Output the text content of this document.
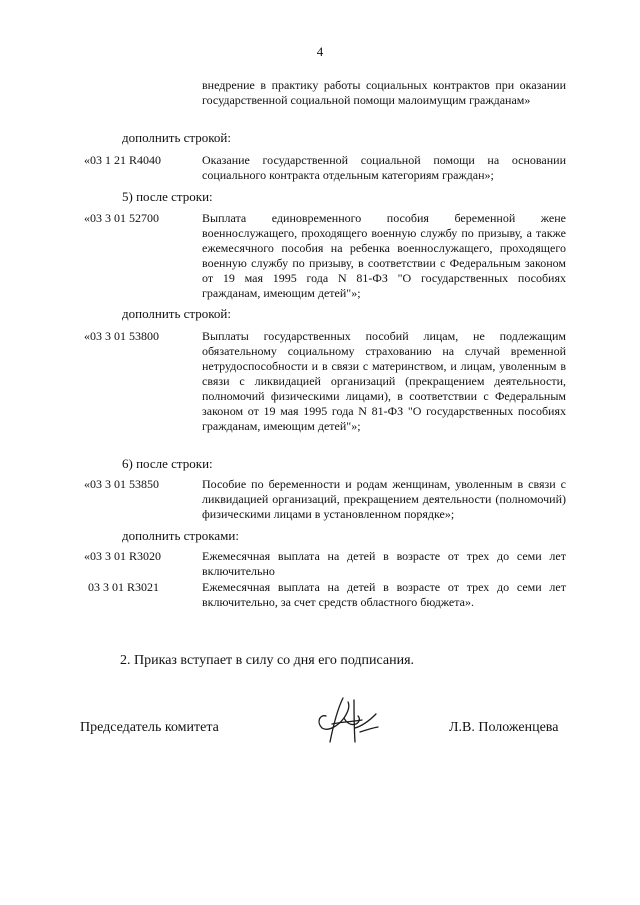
4
внедрение в практику работы социальных контрактов при оказании государственной социальной помощи малоимущим гражданам»
дополнить строкой:
«03 1 21 R4040	Оказание государственной социальной помощи на основании социального контракта отдельным категориям граждан»;
5) после строки:
«03 3 01 52700	Выплата единовременного пособия беременной жене военнослужащего, проходящего военную службу по призыву, а также ежемесячного пособия на ребенка военнослужащего, проходящего военную службу по призыву, в соответствии с Федеральным законом от 19 мая 1995 года N 81-ФЗ "О государственных пособиях гражданам, имеющим детей"»;
дополнить строкой:
«03 3 01 53800	Выплаты государственных пособий лицам, не подлежащим обязательному социальному страхованию на случай временной нетрудоспособности и в связи с материнством, и лицам, уволенным в связи с ликвидацией организаций (прекращением деятельности, полномочий физическими лицами), в соответствии с Федеральным законом от 19 мая 1995 года N 81-ФЗ "О государственных пособиях гражданам, имеющим детей"»;
6) после строки:
«03 3 01 53850	Пособие по беременности и родам женщинам, уволенным в связи с ликвидацией организаций, прекращением деятельности (полномочий) физическими лицами в установленном порядке»;
дополнить строками:
«03 3 01 R3020	Ежемесячная выплата на детей в возрасте от трех до семи лет включительно
03 3 01 R3021	Ежемесячная выплата на детей в возрасте от трех до семи лет включительно, за счет средств областного бюджета».
2. Приказ вступает в силу со дня его подписания.
Председатель комитета	Л.В. Положенцева
